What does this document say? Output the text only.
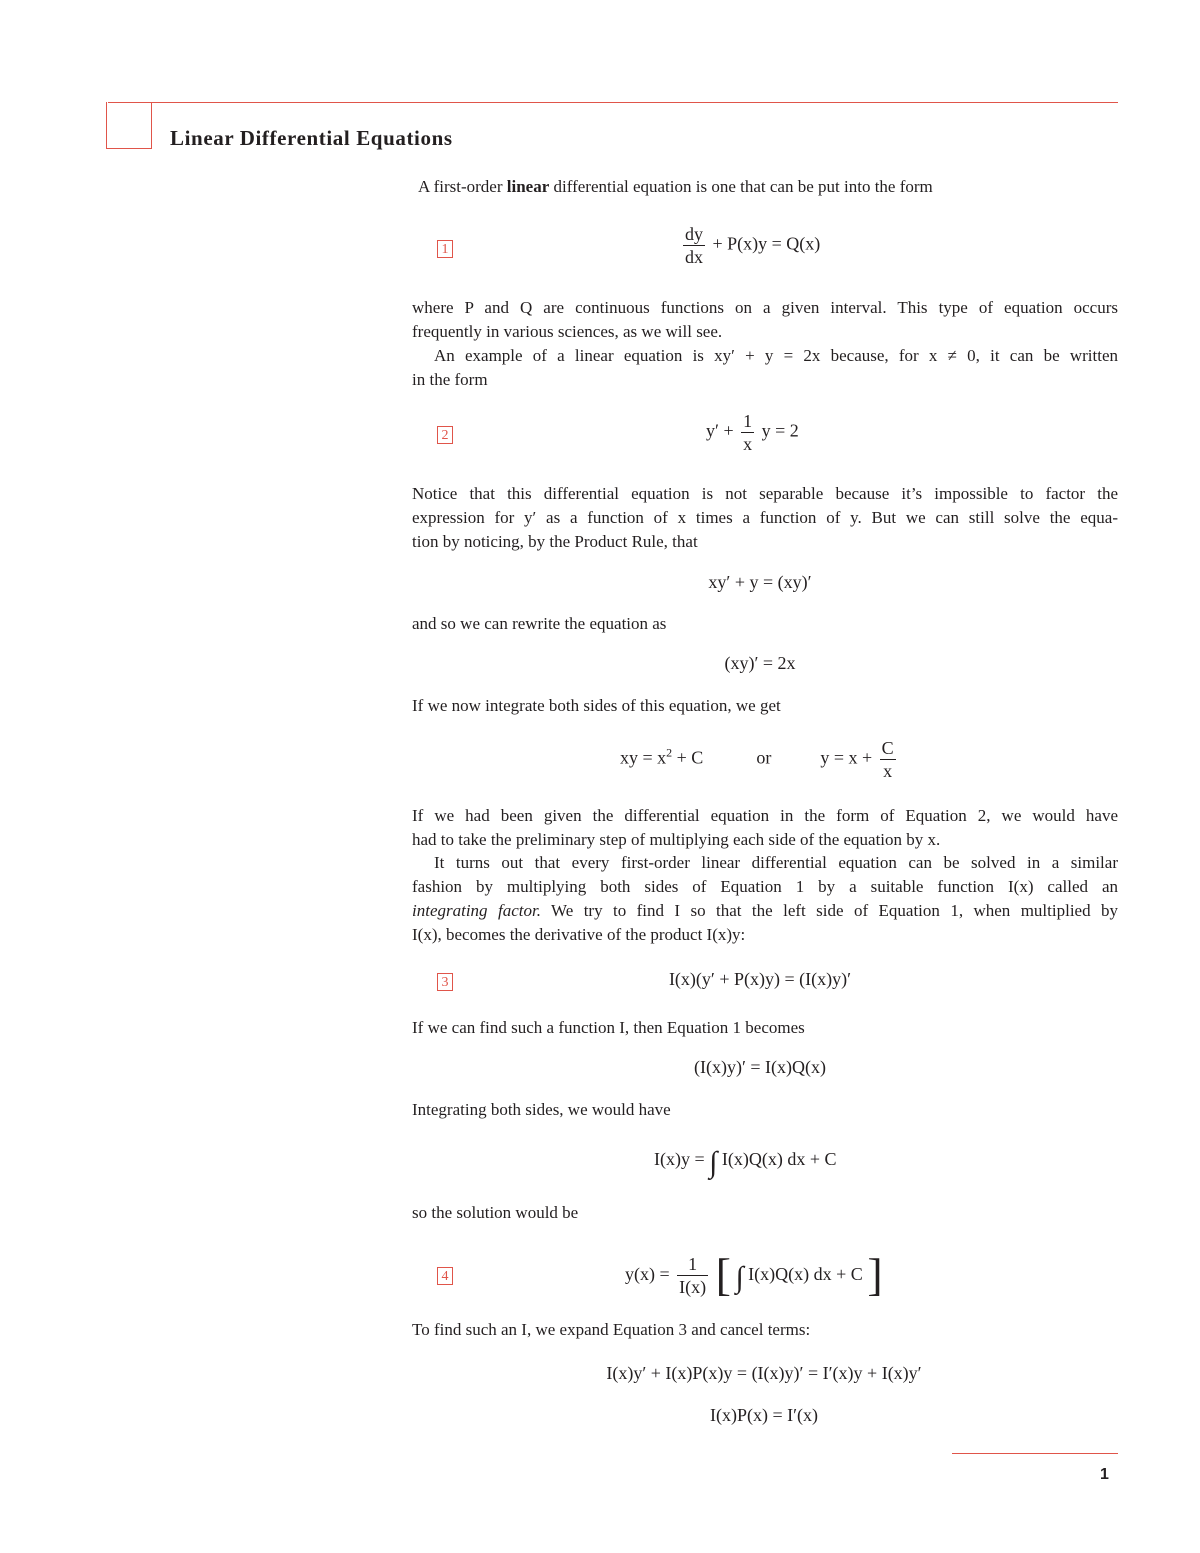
Linear Differential Equations
A first-order linear differential equation is one that can be put into the form
1	$\frac{dy}{dx} + P(x)y = Q(x)$
where P and Q are continuous functions on a given interval. This type of equation occurs
frequently in various sciences, as we will see.
An example of a linear equation is xy′ + y = 2x because, for x ≠ 0, it can be written
in the form
2	$y' + \frac{1}{x}$ y = 2
Notice that this differential equation is not separable because it’s impossible to factor the
expression for y′ as a function of x times a function of y. But we can still solve the equa-
tion by noticing, by the Product Rule, that
xy′ + y = (xy)′
and so we can rewrite the equation as
(xy)′ = 2x
If we now integrate both sides of this equation, we get
xy = $x^2 + C$	or	$y = x + \frac{C}{x}$
If we had been given the differential equation in the form of Equation 2, we would have
had to take the preliminary step of multiplying each side of the equation by x.
It turns out that every first-order linear differential equation can be solved in a similar
fashion by multiplying both sides of Equation 1 by a suitable function I(x) called an
integrating factor. We try to find I so that the left side of Equation 1, when multiplied by
I(x), becomes the derivative of the product I(x)y:
3	I(x)(y′ + P(x)y) = (I(x)y)′
If we can find such a function I, then Equation 1 becomes
(I(x)y)′ = I(x)Q(x)
Integrating both sides, we would have
I(x)y = ∫ I(x)Q(x) dx + C
so the solution would be
4	$y(x) = \frac{1}{I(x)}$ [ ∫ I(x)Q(x) dx + C ]
To find such an I, we expand Equation 3 and cancel terms:
I(x)y′ + I(x)P(x)y = (I(x)y)′ = I′(x)y + I(x)y′
I(x)P(x) = I′(x)
1
